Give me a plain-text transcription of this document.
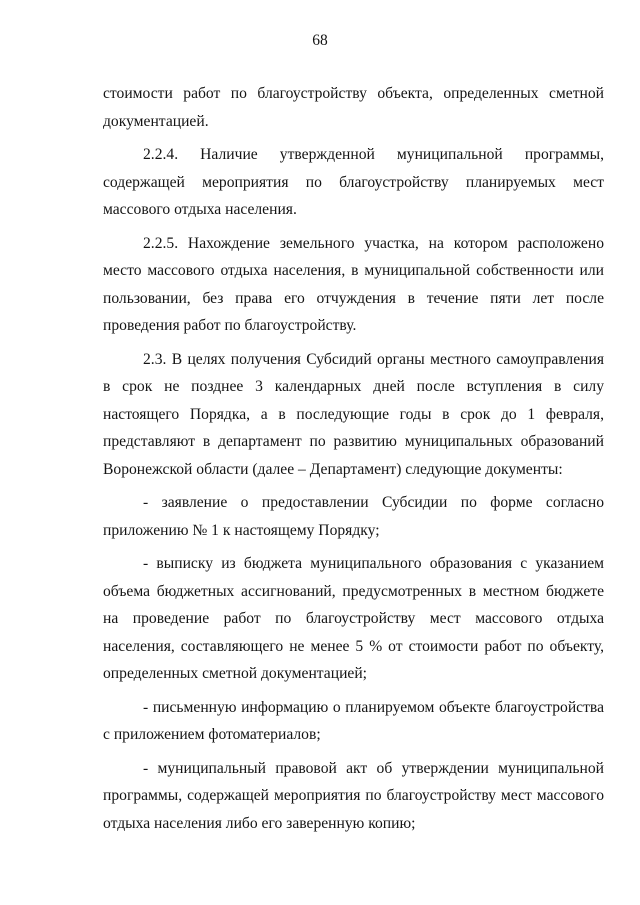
68

стоимости работ по благоустройству объекта, определенных сметной документацией.

2.2.4. Наличие утвержденной муниципальной программы, содержащей мероприятия по благоустройству планируемых мест массового отдыха населения.

2.2.5. Нахождение земельного участка, на котором расположено место массового отдыха населения, в муниципальной собственности или пользовании, без права его отчуждения в течение пяти лет после проведения работ по благоустройству.

2.3. В целях получения Субсидий органы местного самоуправления в срок не позднее 3 календарных дней после вступления в силу настоящего Порядка, а в последующие годы в срок до 1 февраля, представляют в департамент по развитию муниципальных образований Воронежской области (далее – Департамент) следующие документы:

- заявление о предоставлении Субсидии по форме согласно приложению № 1 к настоящему Порядку;

- выписку из бюджета муниципального образования с указанием объема бюджетных ассигнований, предусмотренных в местном бюджете на проведение работ по благоустройству мест массового отдыха населения, составляющего не менее 5 % от стоимости работ по объекту, определенных сметной документацией;

- письменную информацию о планируемом объекте благоустройства с приложением фотоматериалов;

- муниципальный правовой акт об утверждении муниципальной программы, содержащей мероприятия по благоустройству мест массового отдыха населения либо его заверенную копию;
